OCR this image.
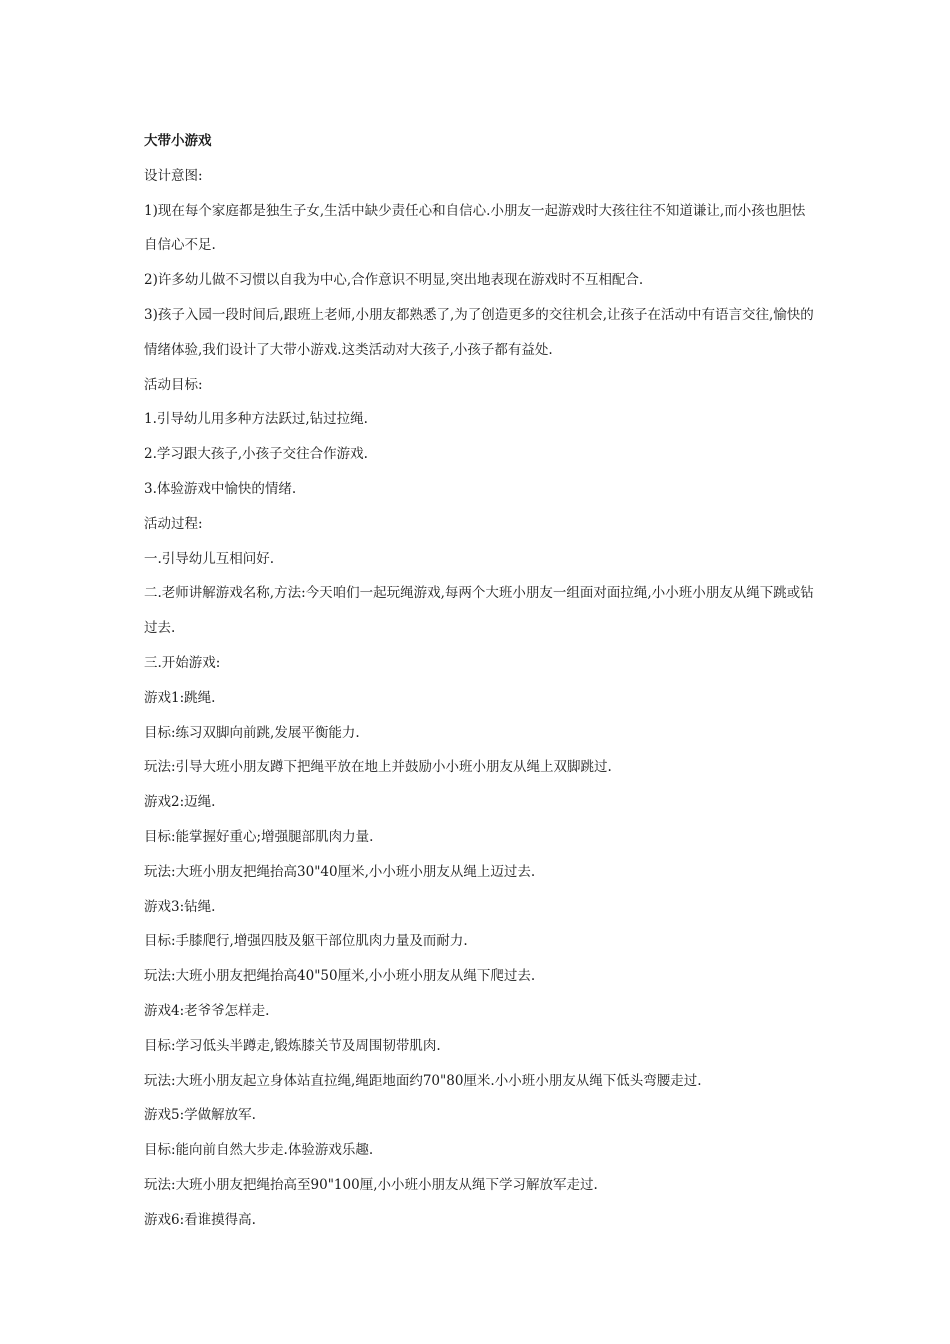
大带小游戏

设计意图:

1)现在每个家庭都是独生子女,生活中缺少责任心和自信心.小朋友一起游戏时大孩往往不知道谦让,而小孩也胆怯自信心不足.

2)许多幼儿做不习惯以自我为中心,合作意识不明显,突出地表现在游戏时不互相配合.

3)孩子入园一段时间后,跟班上老师,小朋友都熟悉了,为了创造更多的交往机会,让孩子在活动中有语言交往,愉快的情绪体验,我们设计了大带小游戏.这类活动对大孩子,小孩子都有益处.

活动目标:

1.引导幼儿用多种方法跃过,钻过拉绳.

2.学习跟大孩子,小孩子交往合作游戏.

3.体验游戏中愉快的情绪.

活动过程:

一.引导幼儿互相问好.

二.老师讲解游戏名称,方法:今天咱们一起玩绳游戏,每两个大班小朋友一组面对面拉绳,小小班小朋友从绳下跳或钻过去.

三.开始游戏:

游戏1:跳绳.

目标:练习双脚向前跳,发展平衡能力.

玩法:引导大班小朋友蹲下把绳平放在地上并鼓励小小班小朋友从绳上双脚跳过.

游戏2:迈绳.

目标:能掌握好重心;增强腿部肌肉力量.

玩法:大班小朋友把绳抬高30"40厘米,小小班小朋友从绳上迈过去.

游戏3:钻绳.

目标:手膝爬行,增强四肢及躯干部位肌肉力量及而耐力.

玩法:大班小朋友把绳抬高40"50厘米,小小班小朋友从绳下爬过去.

游戏4:老爷爷怎样走.

目标:学习低头半蹲走,锻炼膝关节及周围韧带肌肉.

玩法:大班小朋友起立身体站直拉绳,绳距地面约70"80厘米.小小班小朋友从绳下低头弯腰走过.

游戏5:学做解放军.

目标:能向前自然大步走.体验游戏乐趣.

玩法:大班小朋友把绳抬高至90"100厘,小小班小朋友从绳下学习解放军走过.

游戏6:看谁摸得高.
